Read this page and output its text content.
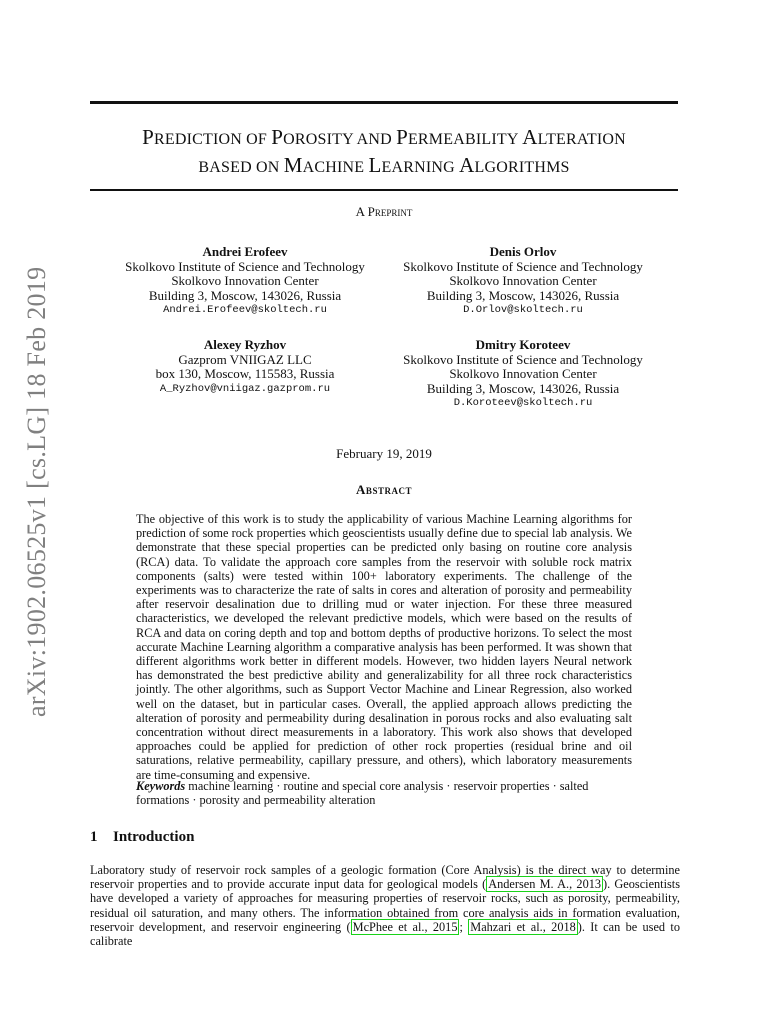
arXiv:1902.06525v1 [cs.LG] 18 Feb 2019
PREDICTION OF POROSITY AND PERMEABILITY ALTERATION
BASED ON MACHINE LEARNING ALGORITHMS
A Preprint
Andrei Erofeev
Skolkovo Institute of Science and Technology
Skolkovo Innovation Center
Building 3, Moscow, 143026, Russia
Andrei.Erofeev@skoltech.ru
Denis Orlov
Skolkovo Institute of Science and Technology
Skolkovo Innovation Center
Building 3, Moscow, 143026, Russia
D.Orlov@skoltech.ru
Alexey Ryzhov
Gazprom VNIIGAZ LLC
box 130, Moscow, 115583, Russia
A_Ryzhov@vniigaz.gazprom.ru
Dmitry Koroteev
Skolkovo Institute of Science and Technology
Skolkovo Innovation Center
Building 3, Moscow, 143026, Russia
D.Koroteev@skoltech.ru
February 19, 2019
Abstract

The objective of this work is to study the applicability of various Machine Learning algorithms for prediction of some rock properties which geoscientists usually define due to special lab analysis. We demonstrate that these special properties can be predicted only basing on routine core analysis (RCA) data. To validate the approach core samples from the reservoir with soluble rock matrix components (salts) were tested within 100+ laboratory experiments. The challenge of the experiments was to characterize the rate of salts in cores and alteration of porosity and permeability after reservoir desalination due to drilling mud or water injection. For these three measured characteristics, we developed the relevant predictive models, which were based on the results of RCA and data on coring depth and top and bottom depths of productive horizons. To select the most accurate Machine Learning algorithm a comparative analysis has been performed. It was shown that different algorithms work better in different models. However, two hidden layers Neural network has demonstrated the best predictive ability and generalizability for all three rock characteristics jointly. The other algorithms, such as Support Vector Machine and Linear Regression, also worked well on the dataset, but in particular cases. Overall, the applied approach allows predicting the alteration of porosity and permeability during desalination in porous rocks and also evaluating salt concentration without direct measurements in a laboratory. This work also shows that developed approaches could be applied for prediction of other rock properties (residual brine and oil saturations, relative permeability, capillary pressure, and others), which laboratory measurements are time-consuming and expensive.

Keywords machine learning · routine and special core analysis · reservoir properties · salted formations · porosity and permeability alteration

1 Introduction

Laboratory study of reservoir rock samples of a geologic formation (Core Analysis) is the direct way to determine reservoir properties and to provide accurate input data for geological models ( Andersen M. A., 2013 ). Geoscientists have developed a variety of approaches for measuring properties of reservoir rocks, such as porosity, permeability, residual oil saturation, and many others. The information obtained from core analysis aids in formation evaluation, reservoir development, and reservoir engineering ( McPhee et al., 2015 ; Mahzari et al., 2018 ). It can be used to calibrate
